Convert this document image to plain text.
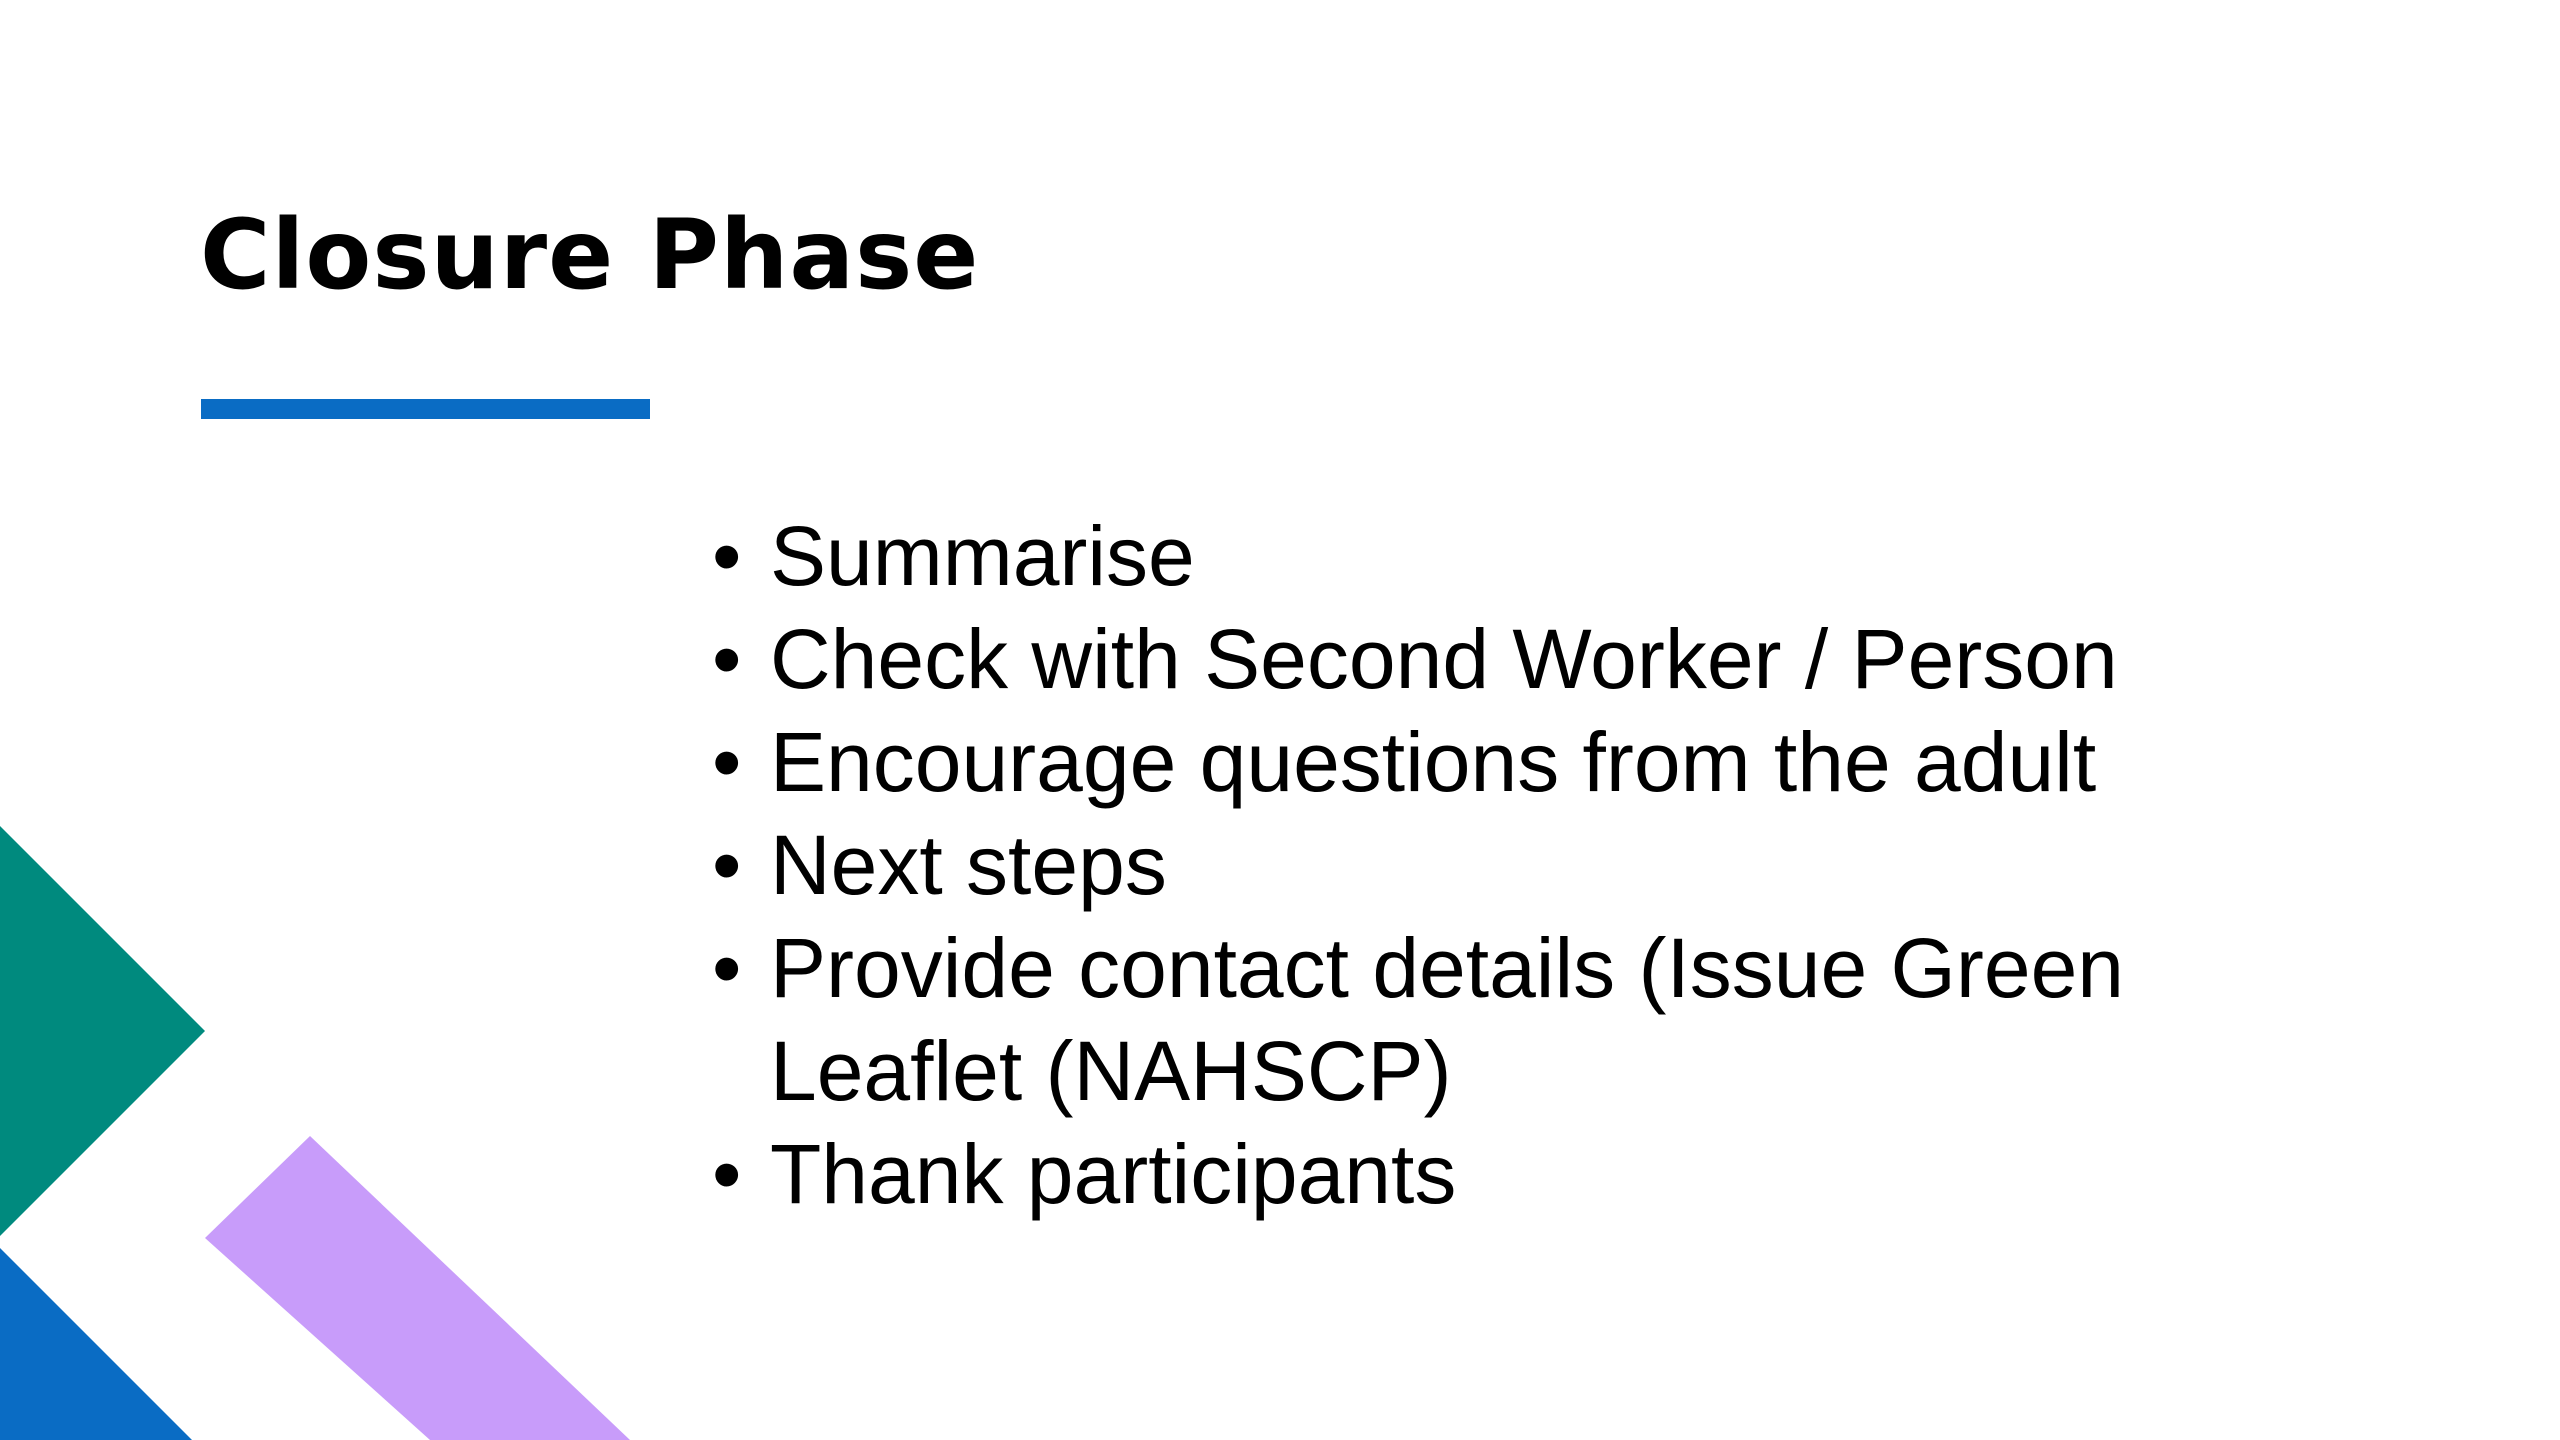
Closure Phase
• Summarise
• Check with Second Worker / Person
• Encourage questions from the adult
• Next steps
• Provide contact details (Issue Green Leaflet (NAHSCP)
• Thank participants
